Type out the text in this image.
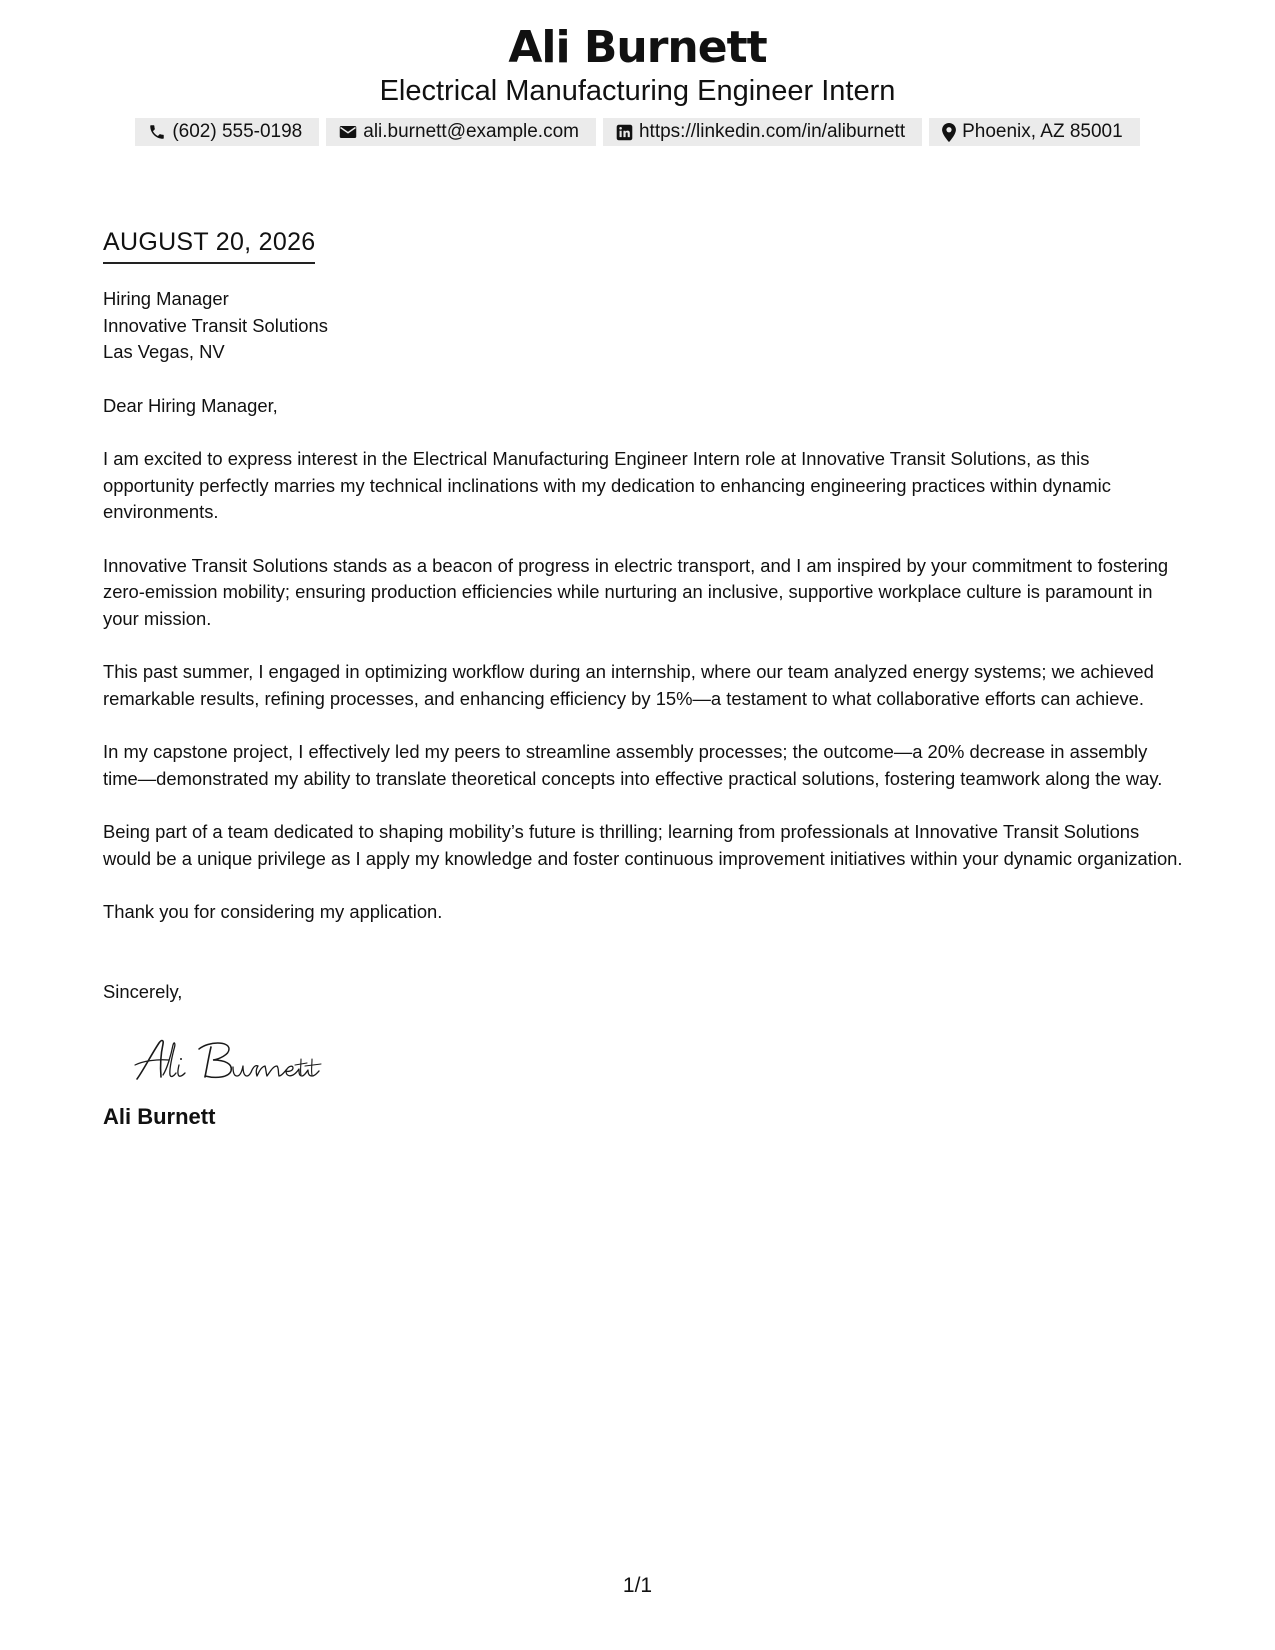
Ali Burnett
Electrical Manufacturing Engineer Intern
(602) 555-0198	ali.burnett@example.com	https://linkedin.com/in/aliburnett	Phoenix, AZ 85001
AUGUST 20, 2026
Hiring Manager
Innovative Transit Solutions
Las Vegas, NV

Dear Hiring Manager,

I am excited to express interest in the Electrical Manufacturing Engineer Intern role at Innovative Transit Solutions, as this opportunity perfectly marries my technical inclinations with my dedication to enhancing engineering practices within dynamic environments.

Innovative Transit Solutions stands as a beacon of progress in electric transport, and I am inspired by your commitment to fostering zero-emission mobility; ensuring production efficiencies while nurturing an inclusive, supportive workplace culture is paramount in your mission.

This past summer, I engaged in optimizing workflow during an internship, where our team analyzed energy systems; we achieved remarkable results, refining processes, and enhancing efficiency by 15%—a testament to what collaborative efforts can achieve.

In my capstone project, I effectively led my peers to streamline assembly processes; the outcome—a 20% decrease in assembly time—demonstrated my ability to translate theoretical concepts into effective practical solutions, fostering teamwork along the way.

Being part of a team dedicated to shaping mobility’s future is thrilling; learning from professionals at Innovative Transit Solutions would be a unique privilege as I apply my knowledge and foster continuous improvement initiatives within your dynamic organization.

Thank you for considering my application.

Sincerely,

Ali Burnett
1/1
